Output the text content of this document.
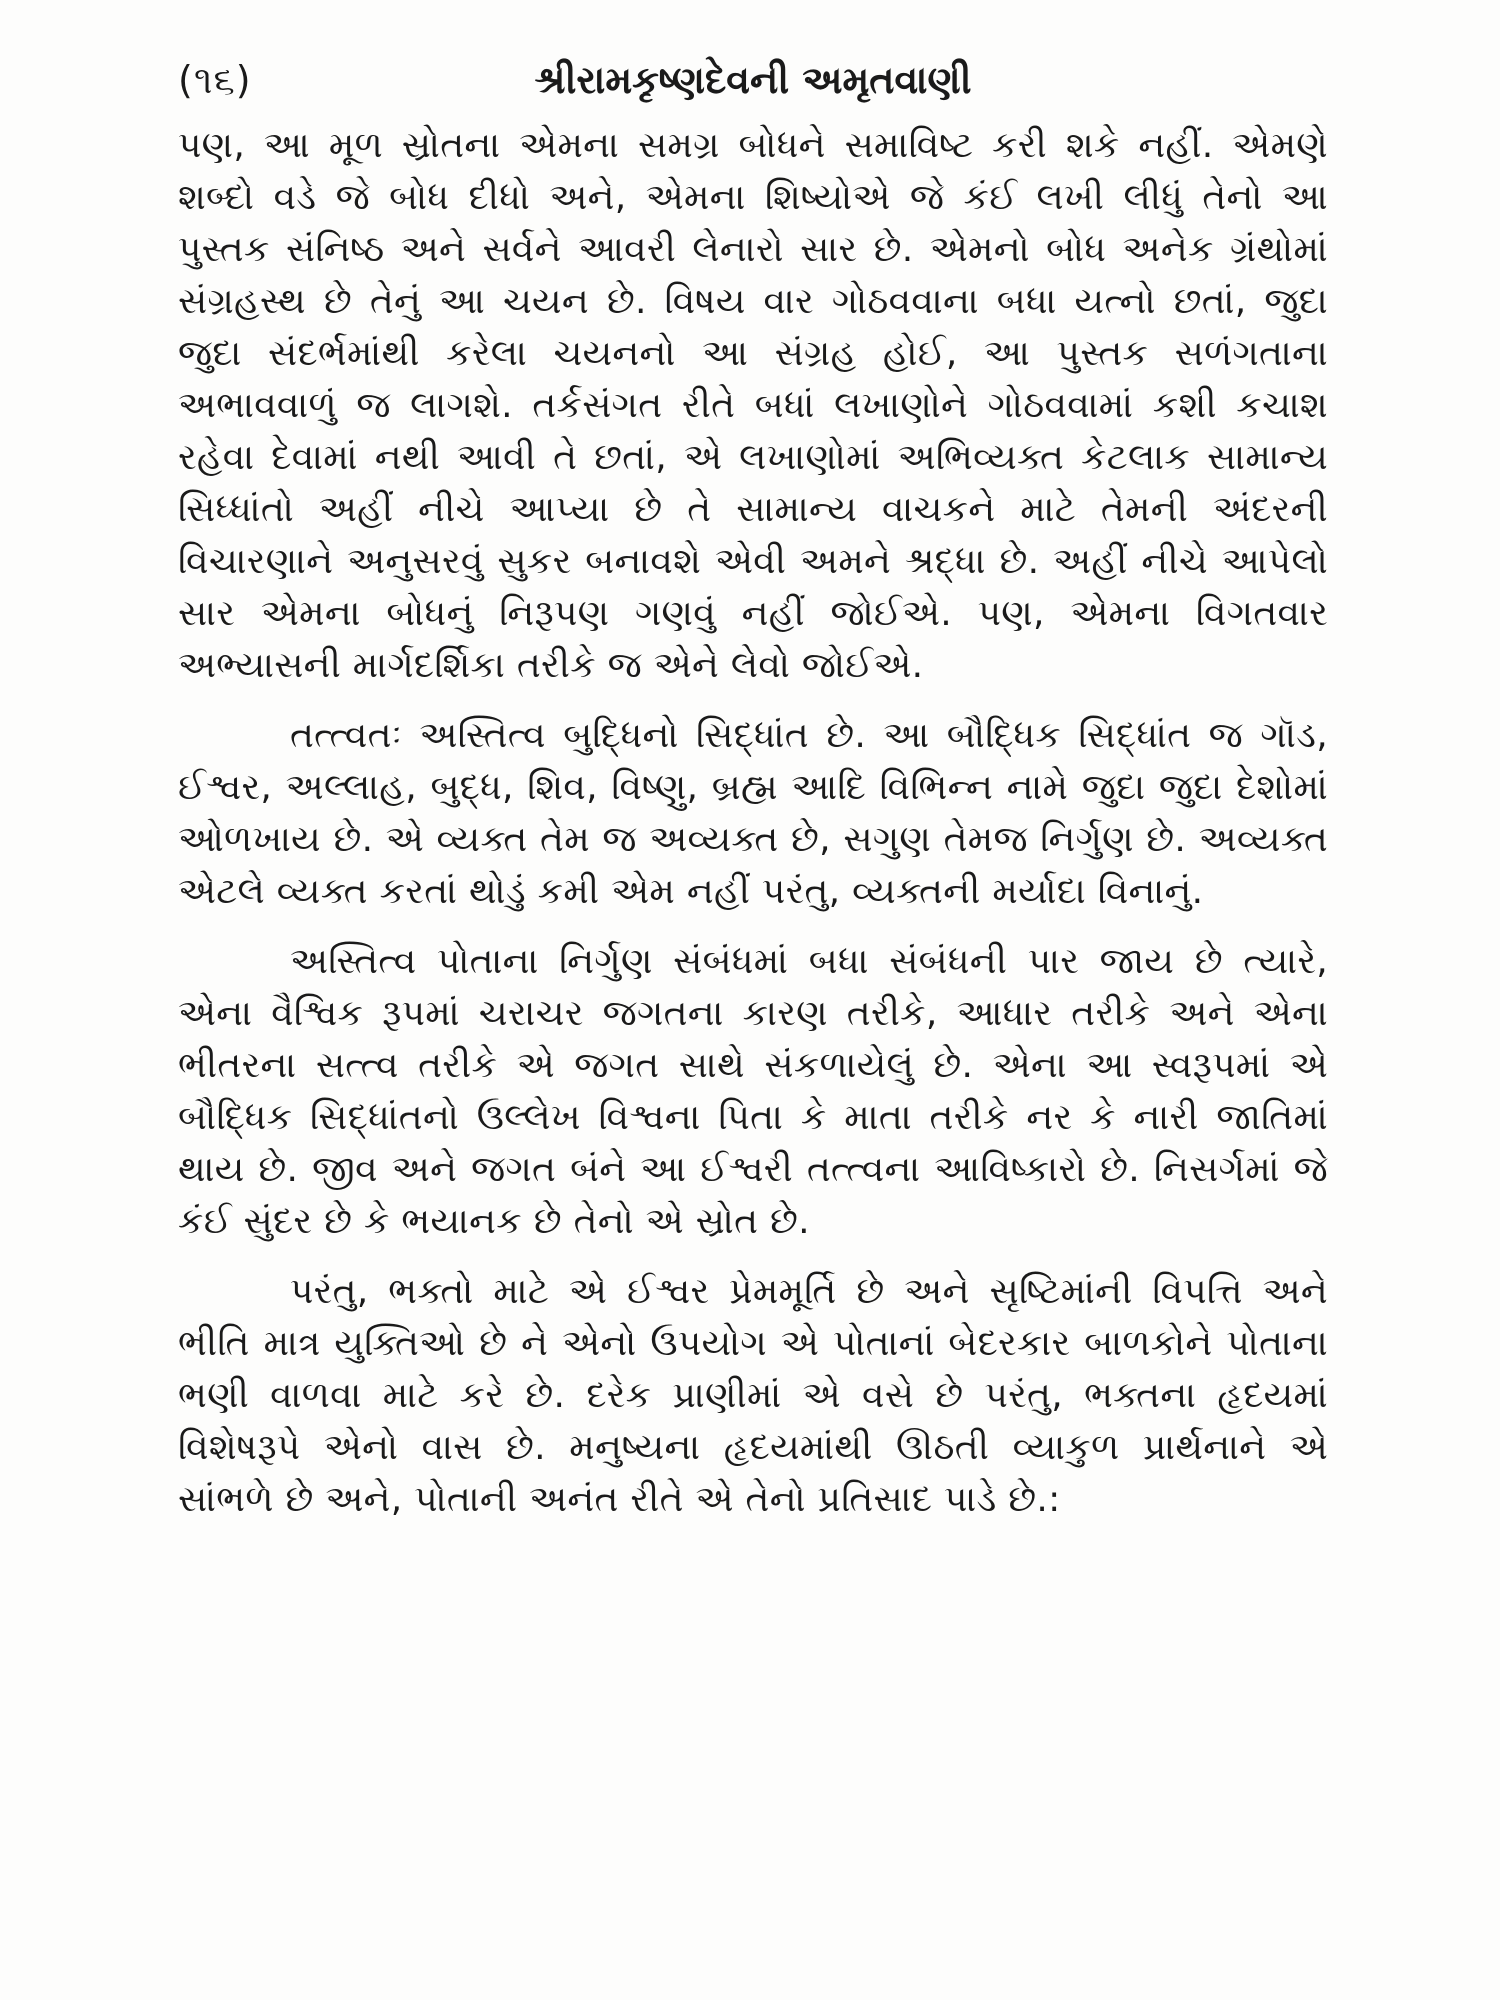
(૧૬)	શ્રીરામકૃષ્ણદેવની અમૃતવાણી

પણ, આ મૂળ સ્રોતના એમના સમગ્ર બોધને સમાવિષ્ટ કરી શકે નહીં. એમણે શબ્દો વડે જે બોધ દીધો અને, એમના શિષ્યોએ જે કંઈ લખી લીધું તેનો આ પુસ્તક સંનિષ્ઠ અને સર્વને આવરી લેનારો સાર છે. એમનો બોધ અનેક ગ્રંથોમાં સંગ્રહસ્થ છે તેનું આ ચયન છે. વિષય વાર ગોઠવવાના બધા યત્નો છતાં, જુદા જુદા સંદર્ભમાંથી કરેલા ચયનનો આ સંગ્રહ હોઈ, આ પુસ્તક સળંગતાના અભાવવાળું જ લાગશે. તર્કસંગત રીતે બધાં લખાણોને ગોઠવવામાં કશી કચાશ રહેવા દેવામાં નથી આવી તે છતાં, એ લખાણોમાં અભિવ્યક્ત કેટલાક સામાન્ય સિધ્ધાંતો અહીં નીચે આપ્યા છે તે સામાન્ય વાચકને માટે તેમની અંદરની વિચારણાને અનુસરવું સુકર બનાવશે એવી અમને શ્રદ્ધા છે. અહીં નીચે આપેલો સાર એમના બોધનું નિરૂપણ ગણવું નહીં જોઈએ. પણ, એમના વિગતવાર અભ્યાસની માર્ગદર્શિકા તરીકે જ એને લેવો જોઈએ.

તત્ત્વતઃ અસ્તિત્વ બુદ્ધિનો સિદ્ધાંત છે. આ બૌદ્ધિક સિદ્ધાંત જ ગૉડ, ઈશ્વર, અલ્લાહ, બુદ્ધ, શિવ, વિષ્ણુ, બ્રહ્મ આદિ વિભિન્ન નામે જુદા જુદા દેશોમાં ઓળખાય છે. એ વ્યક્ત તેમ જ અવ્યક્ત છે, સગુણ તેમજ નિર્ગુણ છે. અવ્યક્ત એટલે વ્યક્ત કરતાં થોડું કમી એમ નહીં પરંતુ, વ્યક્તની મર્યાદા વિનાનું.

અસ્તિત્વ પોતાના નિર્ગુણ સંબંધમાં બધા સંબંધની પાર જાય છે ત્યારે, એના વૈશ્વિક રૂપમાં ચરાચર જગતના કારણ તરીકે, આધાર તરીકે અને એના ભીતરના સત્ત્વ તરીકે એ જગત સાથે સંકળાયેલું છે. એના આ સ્વરૂપમાં એ બૌદ્ધિક સિદ્ધાંતનો ઉલ્લેખ વિશ્વના પિતા કે માતા તરીકે નર કે નારી જાતિમાં થાય છે. જીવ અને જગત બંને આ ઈશ્વરી તત્ત્વના આવિષ્કારો છે. નિસર્ગમાં જે કંઈ સુંદર છે કે ભયાનક છે તેનો એ સ્રોત છે.

પરંતુ, ભક્તો માટે એ ઈશ્વર પ્રેમમૂર્તિ છે અને સૃષ્ટિમાંની વિપત્તિ અને ભીતિ માત્ર યુક્તિઓ છે ને એનો ઉપયોગ એ પોતાનાં બેદરકાર બાળકોને પોતાના ભણી વાળવા માટે કરે છે. દરેક પ્રાણીમાં એ વસે છે પરંતુ, ભક્તના હૃદયમાં વિશેષરૂપે એનો વાસ છે. મનુષ્યના હૃદયમાંથી ઊઠતી વ્યાકુળ પ્રાર્થનાને એ સાંભળે છે અને, પોતાની અનંત રીતે એ તેનો પ્રતિસાદ પાડે છે.:
